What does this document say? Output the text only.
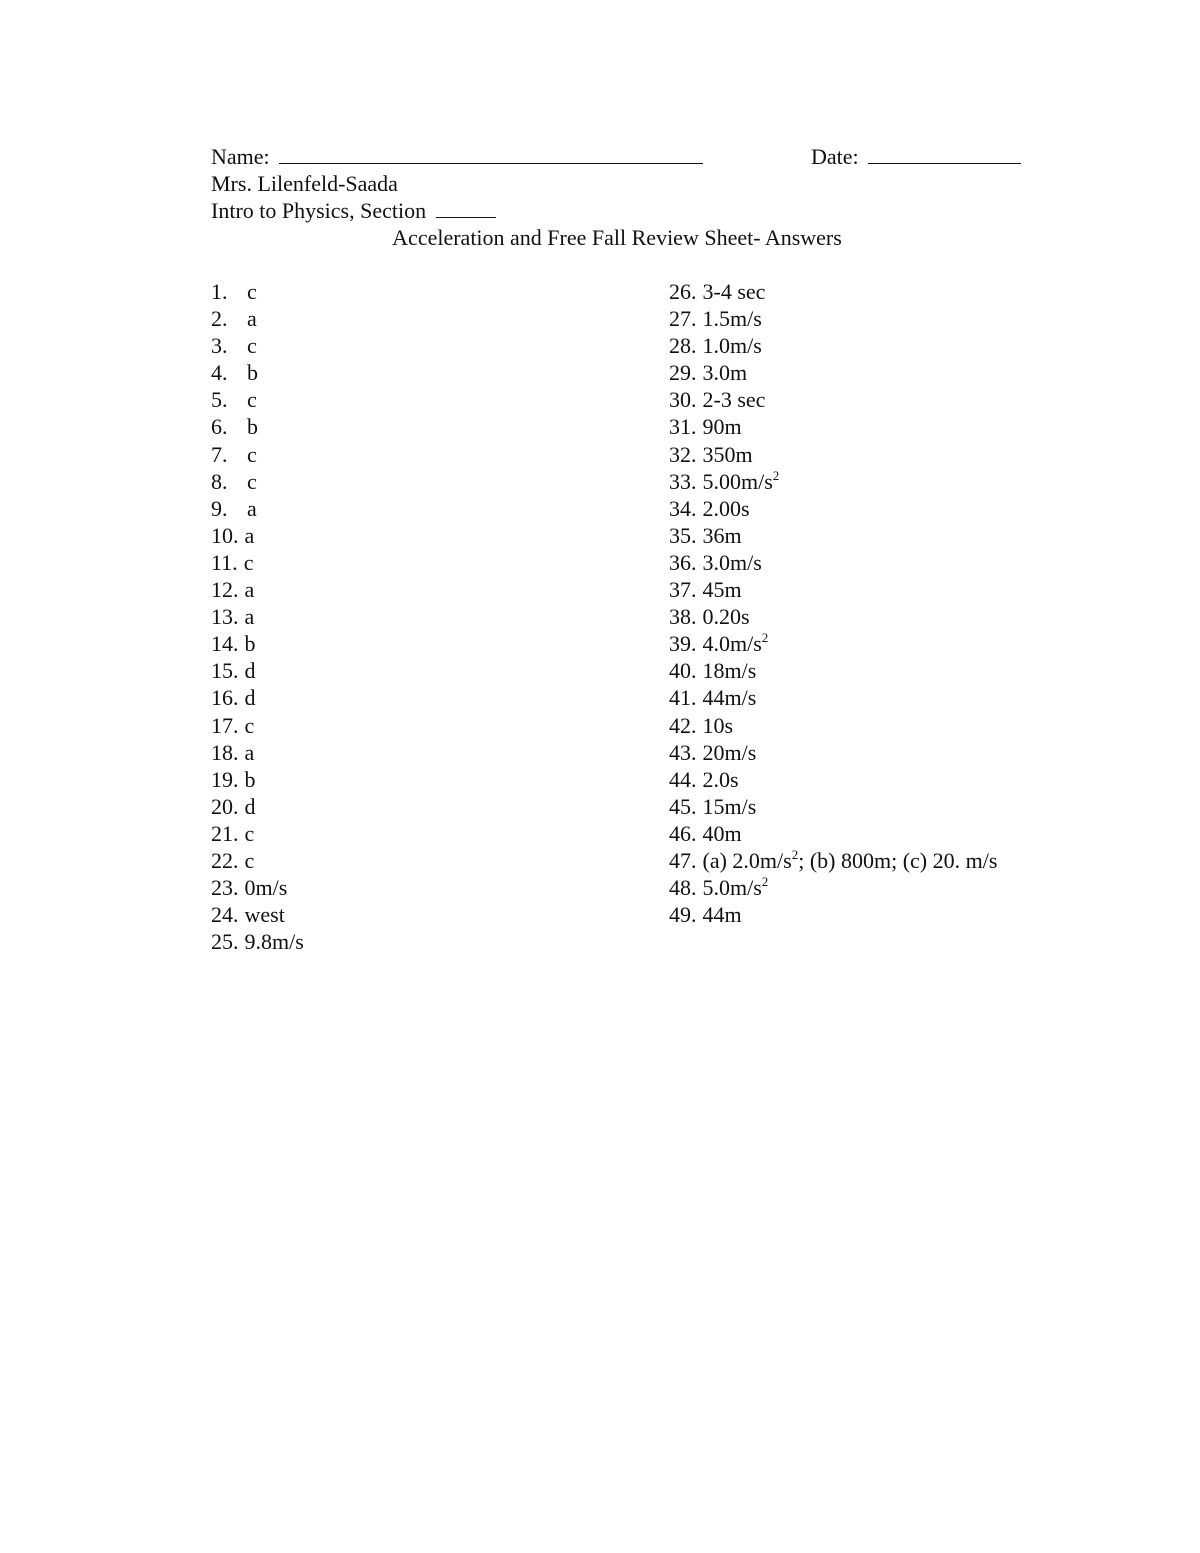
Name:	Date:
Mrs. Lilenfeld-Saada
Intro to Physics, Section
Acceleration and Free Fall Review Sheet- Answers
1. c
2. a
3. c
4. b
5. c
6. b
7. c
8. c
9. a
10. a
11. c
12. a
13. a
14. b
15. d
16. d
17. c
18. a
19. b
20. d
21. c
22. c
23. 0m/s
24. west
25. 9.8m/s
26. 3-4 sec
27. 1.5m/s
28. 1.0m/s
29. 3.0m
30. 2-3 sec
31. 90m
32. 350m
33. $5.00m/s^2$
34. 2.00s
35. 36m
36. 3.0m/s
37. 45m
38. 0.20s
39. $4.0m/s^2$
40. 18m/s
41. 44m/s
42. 10s
43. 20m/s
44. 2.0s
45. 15m/s
46. 40m
47. (a) $2.0m/s^2$; (b) 800m; (c) 20. m/s
48. $5.0m/s^2$
49. 44m
